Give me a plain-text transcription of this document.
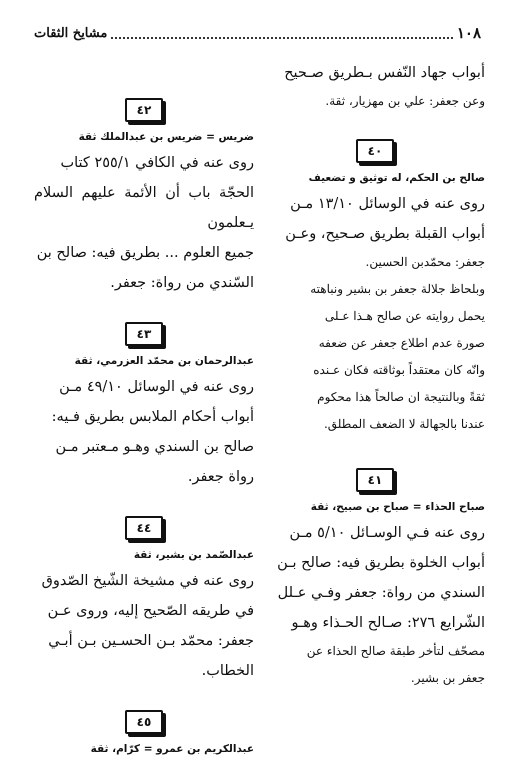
١٠٨
مشايخ الثقات

أبواب جهاد النّفس بـطريق صـحيح

وعن جعفر: علي بن مهزيار، ثقة.

٤٠

صالح بن الحكم، له توثيق و تضعيف

روى عنه في الوسائل ١٣/١٠ مـن

أبواب القبلة بطريق صـحيح، وعـن

جعفر: محمّدبن الحسين.

وبلحاظ جلالة جعفر بن بشير ونباهته

يحمل روايته عن صالح هـذا عـلى

صورة عدم اطلاع جعفر عن ضعفه

وانّه كان معتقداً بوثاقته فكان عـنده

ثقةً وبالنتيجة ان صالحاً هذا محكوم

عندنا بالجهالة لا الضعف المطلق.

٤١

صباح الحذاء = صباح بن صبيح، ثقة

روى عنه فـي الوسـائل ٥/١٠ مـن

أبواب الخلوة بطريق فيه: صالح بـن

السندي من رواة: جعفر وفـي عـلل

الشّرايع ٢٧٦: صـالح الحـذاء وهـو

مصحّف لتأخر طبقة صالح الحذاء عن

جعفر بن بشير.

٤٢

ضريس = ضريس بن عبدالملك ثقة

روى عنه في الكافي ٢٥٥/١ كتاب

الحجّة باب أن الأئمة عليهم السلام يـعلمون

جميع العلوم ... بطريق فيه: صالح بن

السّندي من رواة: جعفر.

٤٣

عبدالرحمان بن محمّد العزرمي، ثقة

روى عنه في الوسائل ٤٩/١٠ مـن

أبواب أحكام الملابس بطريق فـيه:

صالح بن السندي وهـو مـعتبر مـن

رواة جعفر.

٤٤

عبدالصّمد بن بشير، ثقة

روى عنه في مشيخة الشّيخ الصّدوق

في طريقه الصّحيح إليه، وروى عـن

جعفر: محمّد بـن الحسـين بـن أبـي

الخطاب.

٤٥

عبدالكريم بن عمرو = كرّام، ثقة
